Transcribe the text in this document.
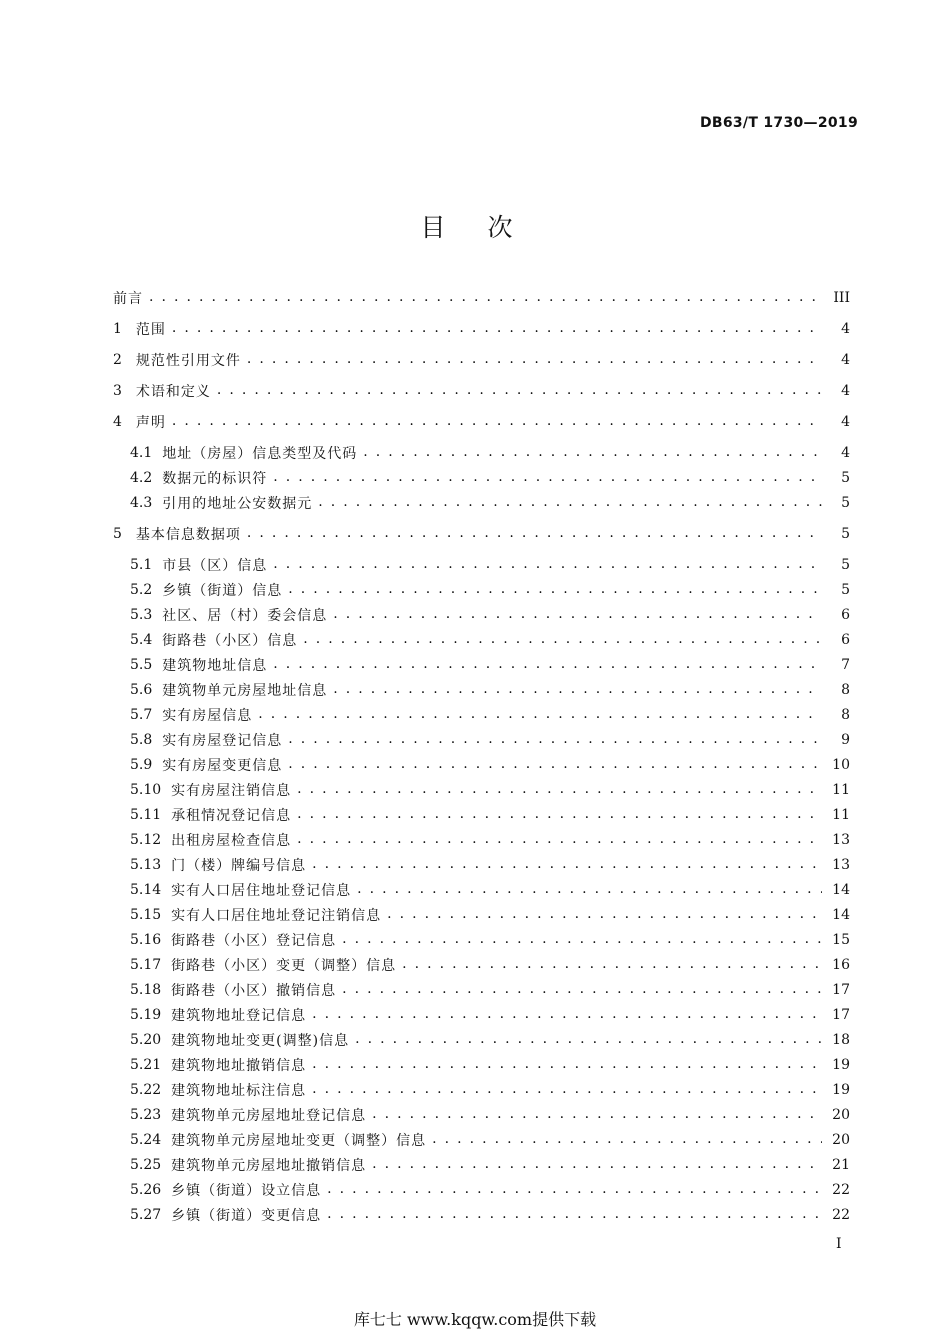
DB63/T 1730—2019
目次
前言 . . .	III
1 范围 . . .	4
2 规范性引用文件 . . .	4
3 术语和定义 . . .	4
4 声明 . . .	4
4.1 地址（房屋）信息类型及代码 . . .	4
4.2 数据元的标识符 . . .	5
4.3 引用的地址公安数据元 . . .	5
5 基本信息数据项 . . .	5
5.1 市县（区）信息 . . .	5
5.2 乡镇（街道）信息 . . .	5
5.3 社区、居（村）委会信息 . . .	6
5.4 街路巷（小区）信息 . . .	6
5.5 建筑物地址信息 . . .	7
5.6 建筑物单元房屋地址信息 . . .	8
5.7 实有房屋信息 . . .	8
5.8 实有房屋登记信息 . . .	9
5.9 实有房屋变更信息 . . .	10
5.10 实有房屋注销信息 . . .	11
5.11 承租情况登记信息 . . .	11
5.12 出租房屋检查信息 . . .	13
5.13 门（楼）牌编号信息 . . .	13
5.14 实有人口居住地址登记信息 . . .	14
5.15 实有人口居住地址登记注销信息 . . .	14
5.16 街路巷（小区）登记信息 . . .	15
5.17 街路巷（小区）变更（调整）信息 . . .	16
5.18 街路巷（小区）撤销信息 . . .	17
5.19 建筑物地址登记信息 . . .	17
5.20 建筑物地址变更(调整)信息 . . .	18
5.21 建筑物地址撤销信息 . . .	19
5.22 建筑物地址标注信息 . . .	19
5.23 建筑物单元房屋地址登记信息 . . .	20
5.24 建筑物单元房屋地址变更（调整）信息 . . .	20
5.25 建筑物单元房屋地址撤销信息 . . .	21
5.26 乡镇（街道）设立信息 . . .	22
5.27 乡镇（街道）变更信息 . . .	22
I
库七七 www.kqqw.com提供下载
